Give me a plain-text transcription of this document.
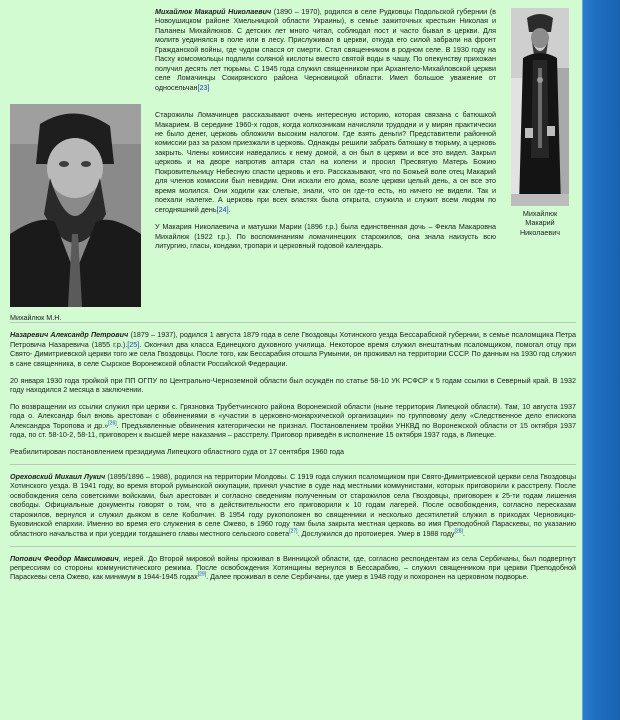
Михайлюк Макарий Николаевич
Михайлюк М.Н.

Михайлюк Макарий Николаевич (1890 – 1970), родился в селе Рудковцы Подольской губернии (в Новоушицком районе Хмельницкой области Украины), в семье зажиточных крестьян Николая и Паланеы Михайлюков. С детских лет много читал, соблюдал пост и часто бывал в церкви. Для молитв уединялся в поле или в лесу. Прислуживал в церкви, откуда его силой забрали на фронт Гражданской войны, где чудом спасся от смерти. Стал священником в родном селе. В 1930 году на Пасху комсомольцы подлили соляной кислоты вместо святой воды в чашу. По опекунству прихожан получил десять лет тюрьмы. С 1945 года служил священником при Архангело-Михайловской церкви селе Ломачинцы Сокирянского района Черновицкой области. Имел большое уважение от односельчан[23]

Старожилы Ломачинцев рассказывают очень интересную историю, которая связана с батюшкой Макарием. В середине 1960-х годов, когда колхозникам начисляли трудодни и у мирян практически не было денег, церковь обложили высоким налогом. Где взять деньги? Представители районной комиссии раз за разом приезжали в церковь. Однажды решили забрать батюшку в тюрьму, а церковь закрыть. Члены комиссии наведались к нему домой, а он был в церкви и все это видел. Закрыл церковь и на дворе напротив алтаря стал на колени и просил Пресвятую Матерь Божию Покровительницу Небесную спасти церковь и его. Рассказывают, что по Божьей воле отец Макарий для членов комиссии был невидим. Они искали его дома, возле церкви целый день, а он все это время молился. Они ходили как слепые, знали, что он где-то есть, но ничего не видели. Так и поехали налегке. А церковь при всех властях была открыта, служила и служит всем людям по сегодняшний день[24].

У Макария Николаевича и матушки Марии (1896 г.р.) была единственная дочь – Фекла Макаровна Михайлюк (1922 г.р.). По воспоминаниям ломачинецких старожилов, она знала наизусть всю литургию, гласы, кондаки, тропари и церковный годовой календарь.

Назаревич Александр Петрович (1879 – 1937), родился 1 августа 1879 года в селе Гвоздовцы Хотинского уезда Бессарабской губернии, в семье псаломщика Петра Петровича Назаревича (1855 г.р.).[25]. Окончил два класса Единецкого духовного училища. Некоторое время служил внештатным псаломщиком, помогал отцу при Свято- Димитриевской церкви того же села Гвоздовцы. После того, как Бессарабия отошла Румынии, он проживал на территории СССР. По данным на 1930 год служил в сане священника, в селе Сырское Воронежской области Российской Федерации.

20 января 1930 года тройкой при ПП ОГПУ по Центрально-Черноземной области был осуждён по статье 58-10 УК РСФСР к 5 годам ссылки в Северный край. В 1932 году находился 2 месяца в заключении.

По возвращении из ссылки служил при церкви с. Грязновка Трубетчинского района Воронежской области (ныне территория Липецкой области). Там, 10 августа 1937 года о. Александр был вновь арестован с обвинениями в «участии в церковно-монархической организации» по групповому делу «Следственное дело епископа Александра Торопова и др.»[26]. Предъявленные обвинения категорически не признал. Постановлением тройки УНКВД по Воронежской области от 15 октября 1937 года, по ст. 58-10-2, 58-11, приговорен к высшей мере наказания – расстрелу. Приговор приведён в исполнение 15 октября 1937 года, в Липецке.

Реабилитирован постановлением президиума Липецкого областного суда от 17 сентября 1960 года

Ореховский Михаил Лукич (1895/1896 – 1988), родился на территории Молдовы. С 1919 года служил псаломщиком при Свято-Димитриевской церкви села Гвоздовцы Хотинского уезда. В 1941 году, во время второй румынской оккупации, принял участие в суде над местными коммунистами, которых приговорили к расстрелу. После освобождения села советскими войсками, был арестован и согласно сведениям полученным от старожилов села Гвоздовцы, приговорен к 25-ти годам лишения свободы. Официальные документы говорят о том, что в действительности его приговорили к 10 годам лагерей. После освобождения, согласно пересказам старожилов, вернулся и служил дьяком в селе Коболчин. В 1954 году рукоположен во священники и несколько десятилетий служил в приходах Черновицко-Буковинской епархии. Именно во время его служения в селе Ожево, в 1960 году там была закрыта местная церковь во имя Преподобной Параскевы, по указанию областного начальства и при усердии тогдашнего главы местного сельского совета[27]. Дослужился до протоиерея. Умер в 1988 году[28].

Попович Феодор Максимович, иерей. До Второй мировой войны проживал в Винницкой области, где, согласно респондентам из села Сербичаны, был подвергнут репрессиям со стороны коммунистического режима. После освобождения Хотинщины вернулся в Бессарабию, – служил священником при церкви Преподобной Параскевы села Ожево, как минимум в 1944-1945 годах[29]. Далее проживал в селе Сербичаны, где умер в 1948 году и похоронен на церковном подворье.
